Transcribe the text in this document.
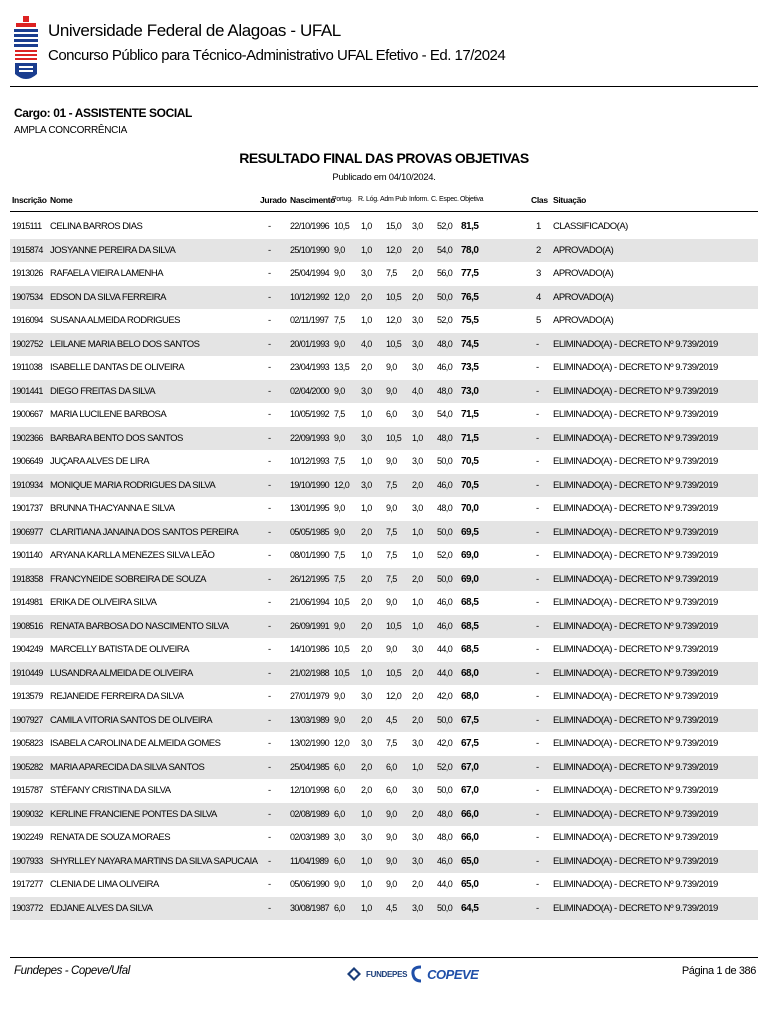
Universidade Federal de Alagoas - UFAL
Concurso Público para Técnico-Administrativo UFAL Efetivo - Ed. 17/2024
Cargo: 01 - ASSISTENTE SOCIAL
AMPLA CONCORRÊNCIA
RESULTADO FINAL DAS PROVAS OBJETIVAS
Publicado em 04/10/2024.
Inscrição Nome	Jurado Nascimento
Portug. R. Lóg. Adm Pub Inform. C. Espec. Objetiva	Clas Situação
1915111 CELINA BARROS DIAS	- 22/10/1996 10,5 1,0 15,0 3,0 52,0 81,5	1 CLASSIFICADO(A)
1915874 JOSYANNE PEREIRA DA SILVA	- 25/10/1990 9,0 1,0 12,0 2,0 54,0 78,0	2 APROVADO(A)
1913026 RAFAELA VIEIRA LAMENHA	- 25/04/1994 9,0 3,0 7,5 2,0 56,0 77,5	3 APROVADO(A)
1907534 EDSON DA SILVA FERREIRA	- 10/12/1992 12,0 2,0 10,5 2,0 50,0 76,5	4 APROVADO(A)
1916094 SUSANA ALMEIDA RODRIGUES	- 02/11/1997 7,5 1,0 12,0 3,0 52,0 75,5	5 APROVADO(A)
1902752 LEILANE MARIA BELO DOS SANTOS	- 20/01/1993 9,0 4,0 10,5 3,0 48,0 74,5	- ELIMINADO(A) - DECRETO Nº 9.739/2019
1911038 ISABELLE DANTAS DE OLIVEIRA	- 23/04/1993 13,5 2,0 9,0 3,0 46,0 73,5	- ELIMINADO(A) - DECRETO Nº 9.739/2019
1901441 DIEGO FREITAS DA SILVA	- 02/04/2000 9,0 3,0 9,0 4,0 48,0 73,0	- ELIMINADO(A) - DECRETO Nº 9.739/2019
1900667 MARIA LUCILENE BARBOSA	- 10/05/1992 7,5 1,0 6,0 3,0 54,0 71,5	- ELIMINADO(A) - DECRETO Nº 9.739/2019
1902366 BARBARA BENTO DOS SANTOS	- 22/09/1993 9,0 3,0 10,5 1,0 48,0 71,5	- ELIMINADO(A) - DECRETO Nº 9.739/2019
1906649 JUÇARA ALVES DE LIRA	- 10/12/1993 7,5 1,0 9,0 3,0 50,0 70,5	- ELIMINADO(A) - DECRETO Nº 9.739/2019
1910934 MONIQUE MARIA RODRIGUES DA SILVA	- 19/10/1990 12,0 3,0 7,5 2,0 46,0 70,5	- ELIMINADO(A) - DECRETO Nº 9.739/2019
1901737 BRUNNA THACYANNA E SILVA	- 13/01/1995 9,0 1,0 9,0 3,0 48,0 70,0	- ELIMINADO(A) - DECRETO Nº 9.739/2019
1906977 CLARITIANA JANAINA DOS SANTOS PEREIRA	- 05/05/1985 9,0 2,0 7,5 1,0 50,0 69,5	- ELIMINADO(A) - DECRETO Nº 9.739/2019
1901140 ARYANA KARLLA MENEZES SILVA LEÃO	- 08/01/1990 7,5 1,0 7,5 1,0 52,0 69,0	- ELIMINADO(A) - DECRETO Nº 9.739/2019
1918358 FRANCYNEIDE SOBREIRA DE SOUZA	- 26/12/1995 7,5 2,0 7,5 2,0 50,0 69,0	- ELIMINADO(A) - DECRETO Nº 9.739/2019
1914981 ERIKA DE OLIVEIRA SILVA	- 21/06/1994 10,5 2,0 9,0 1,0 46,0 68,5	- ELIMINADO(A) - DECRETO Nº 9.739/2019
1908516 RENATA BARBOSA DO NASCIMENTO SILVA	- 26/09/1991 9,0 2,0 10,5 1,0 46,0 68,5	- ELIMINADO(A) - DECRETO Nº 9.739/2019
1904249 MARCELLY BATISTA DE OLIVEIRA	- 14/10/1986 10,5 2,0 9,0 3,0 44,0 68,5	- ELIMINADO(A) - DECRETO Nº 9.739/2019
1910449 LUSANDRA ALMEIDA DE OLIVEIRA	- 21/02/1988 10,5 1,0 10,5 2,0 44,0 68,0	- ELIMINADO(A) - DECRETO Nº 9.739/2019
1913579 REJANEIDE FERREIRA DA SILVA	- 27/01/1979 9,0 3,0 12,0 2,0 42,0 68,0	- ELIMINADO(A) - DECRETO Nº 9.739/2019
1907927 CAMILA VITORIA SANTOS DE OLIVEIRA	- 13/03/1989 9,0 2,0 4,5 2,0 50,0 67,5	- ELIMINADO(A) - DECRETO Nº 9.739/2019
1905823 ISABELA CAROLINA DE ALMEIDA GOMES	- 13/02/1990 12,0 3,0 7,5 3,0 42,0 67,5	- ELIMINADO(A) - DECRETO Nº 9.739/2019
1905282 MARIA APARECIDA DA SILVA SANTOS	- 25/04/1985 6,0 2,0 6,0 1,0 52,0 67,0	- ELIMINADO(A) - DECRETO Nº 9.739/2019
1915787 STÉFANY CRISTINA DA SILVA	- 12/10/1998 6,0 2,0 6,0 3,0 50,0 67,0	- ELIMINADO(A) - DECRETO Nº 9.739/2019
1909032 KERLINE FRANCIENE PONTES DA SILVA	- 02/08/1989 6,0 1,0 9,0 2,0 48,0 66,0	- ELIMINADO(A) - DECRETO Nº 9.739/2019
1902249 RENATA DE SOUZA MORAES	- 02/03/1989 3,0 3,0 9,0 3,0 48,0 66,0	- ELIMINADO(A) - DECRETO Nº 9.739/2019
1907933 SHYRLLEY NAYARA MARTINS DA SILVA SAPUCAIA - 11/04/1989 6,0 1,0 9,0 3,0 46,0 65,0	- ELIMINADO(A) - DECRETO Nº 9.739/2019
1917277 CLENIA DE LIMA OLIVEIRA	- 05/06/1990 9,0 1,0 9,0 2,0 44,0 65,0	- ELIMINADO(A) - DECRETO Nº 9.739/2019
1903772 EDJANE ALVES DA SILVA	- 30/08/1987 6,0 1,0 4,5 3,0 50,0 64,5	- ELIMINADO(A) - DECRETO Nº 9.739/2019
Fundepes - Copeve/Ufal	FUNDEPES COPEVE	Página 1 de 386
